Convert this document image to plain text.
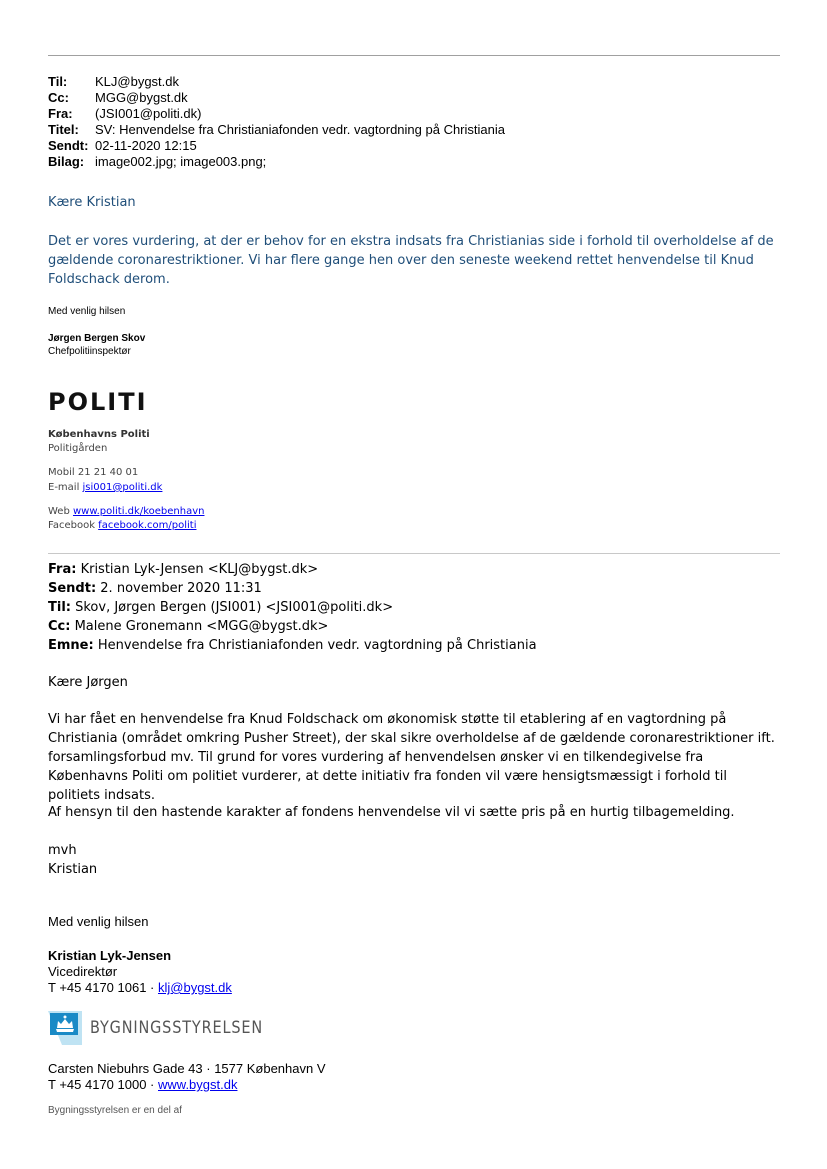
Til: KLJ@bygst.dk
Cc: MGG@bygst.dk
Fra: (JSI001@politi.dk)
Titel: SV: Henvendelse fra Christianiafonden vedr. vagtordning på Christiania
Sendt: 02-11-2020 12:15
Bilag: image002.jpg; image003.png;
Kære Kristian
Det er vores vurdering, at der er behov for en ekstra indsats fra Christianias side i forhold til overholdelse af de gældende coronarestriktioner. Vi har flere gange hen over den seneste weekend rettet henvendelse til Knud Foldschack derom.
Med venlig hilsen
Jørgen Bergen Skov
Chefpolitiinspektør
POLITI
Københavns Politi
Politigården
Mobil 21 21 40 01
E-mail jsi001@politi.dk
Web www.politi.dk/koebenhavn
Facebook facebook.com/politi
Fra: Kristian Lyk-Jensen <KLJ@bygst.dk>
Sendt: 2. november 2020 11:31
Til: Skov, Jørgen Bergen (JSI001) <JSI001@politi.dk>
Cc: Malene Gronemann <MGG@bygst.dk>
Emne: Henvendelse fra Christianiafonden vedr. vagtordning på Christiania
Kære Jørgen
Vi har fået en henvendelse fra Knud Foldschack om økonomisk støtte til etablering af en vagtordning på Christiania (området omkring Pusher Street), der skal sikre overholdelse af de gældende coronarestriktioner ift. forsamlingsforbud mv. Til grund for vores vurdering af henvendelsen ønsker vi en tilkendegivelse fra Københavns Politi om politiet vurderer, at dette initiativ fra fonden vil være hensigtsmæssigt i forhold til politiets indsats.
Af hensyn til den hastende karakter af fondens henvendelse vil vi sætte pris på en hurtig tilbagemelding.
mvh
Kristian
Med venlig hilsen
Kristian Lyk-Jensen
Vicedirektør
T +45 4170 1061 · klj@bygst.dk
BYGNINGSSTYRELSEN
Carsten Niebuhrs Gade 43 · 1577 København V
T +45 4170 1000 · www.bygst.dk
Bygningsstyrelsen er en del af
